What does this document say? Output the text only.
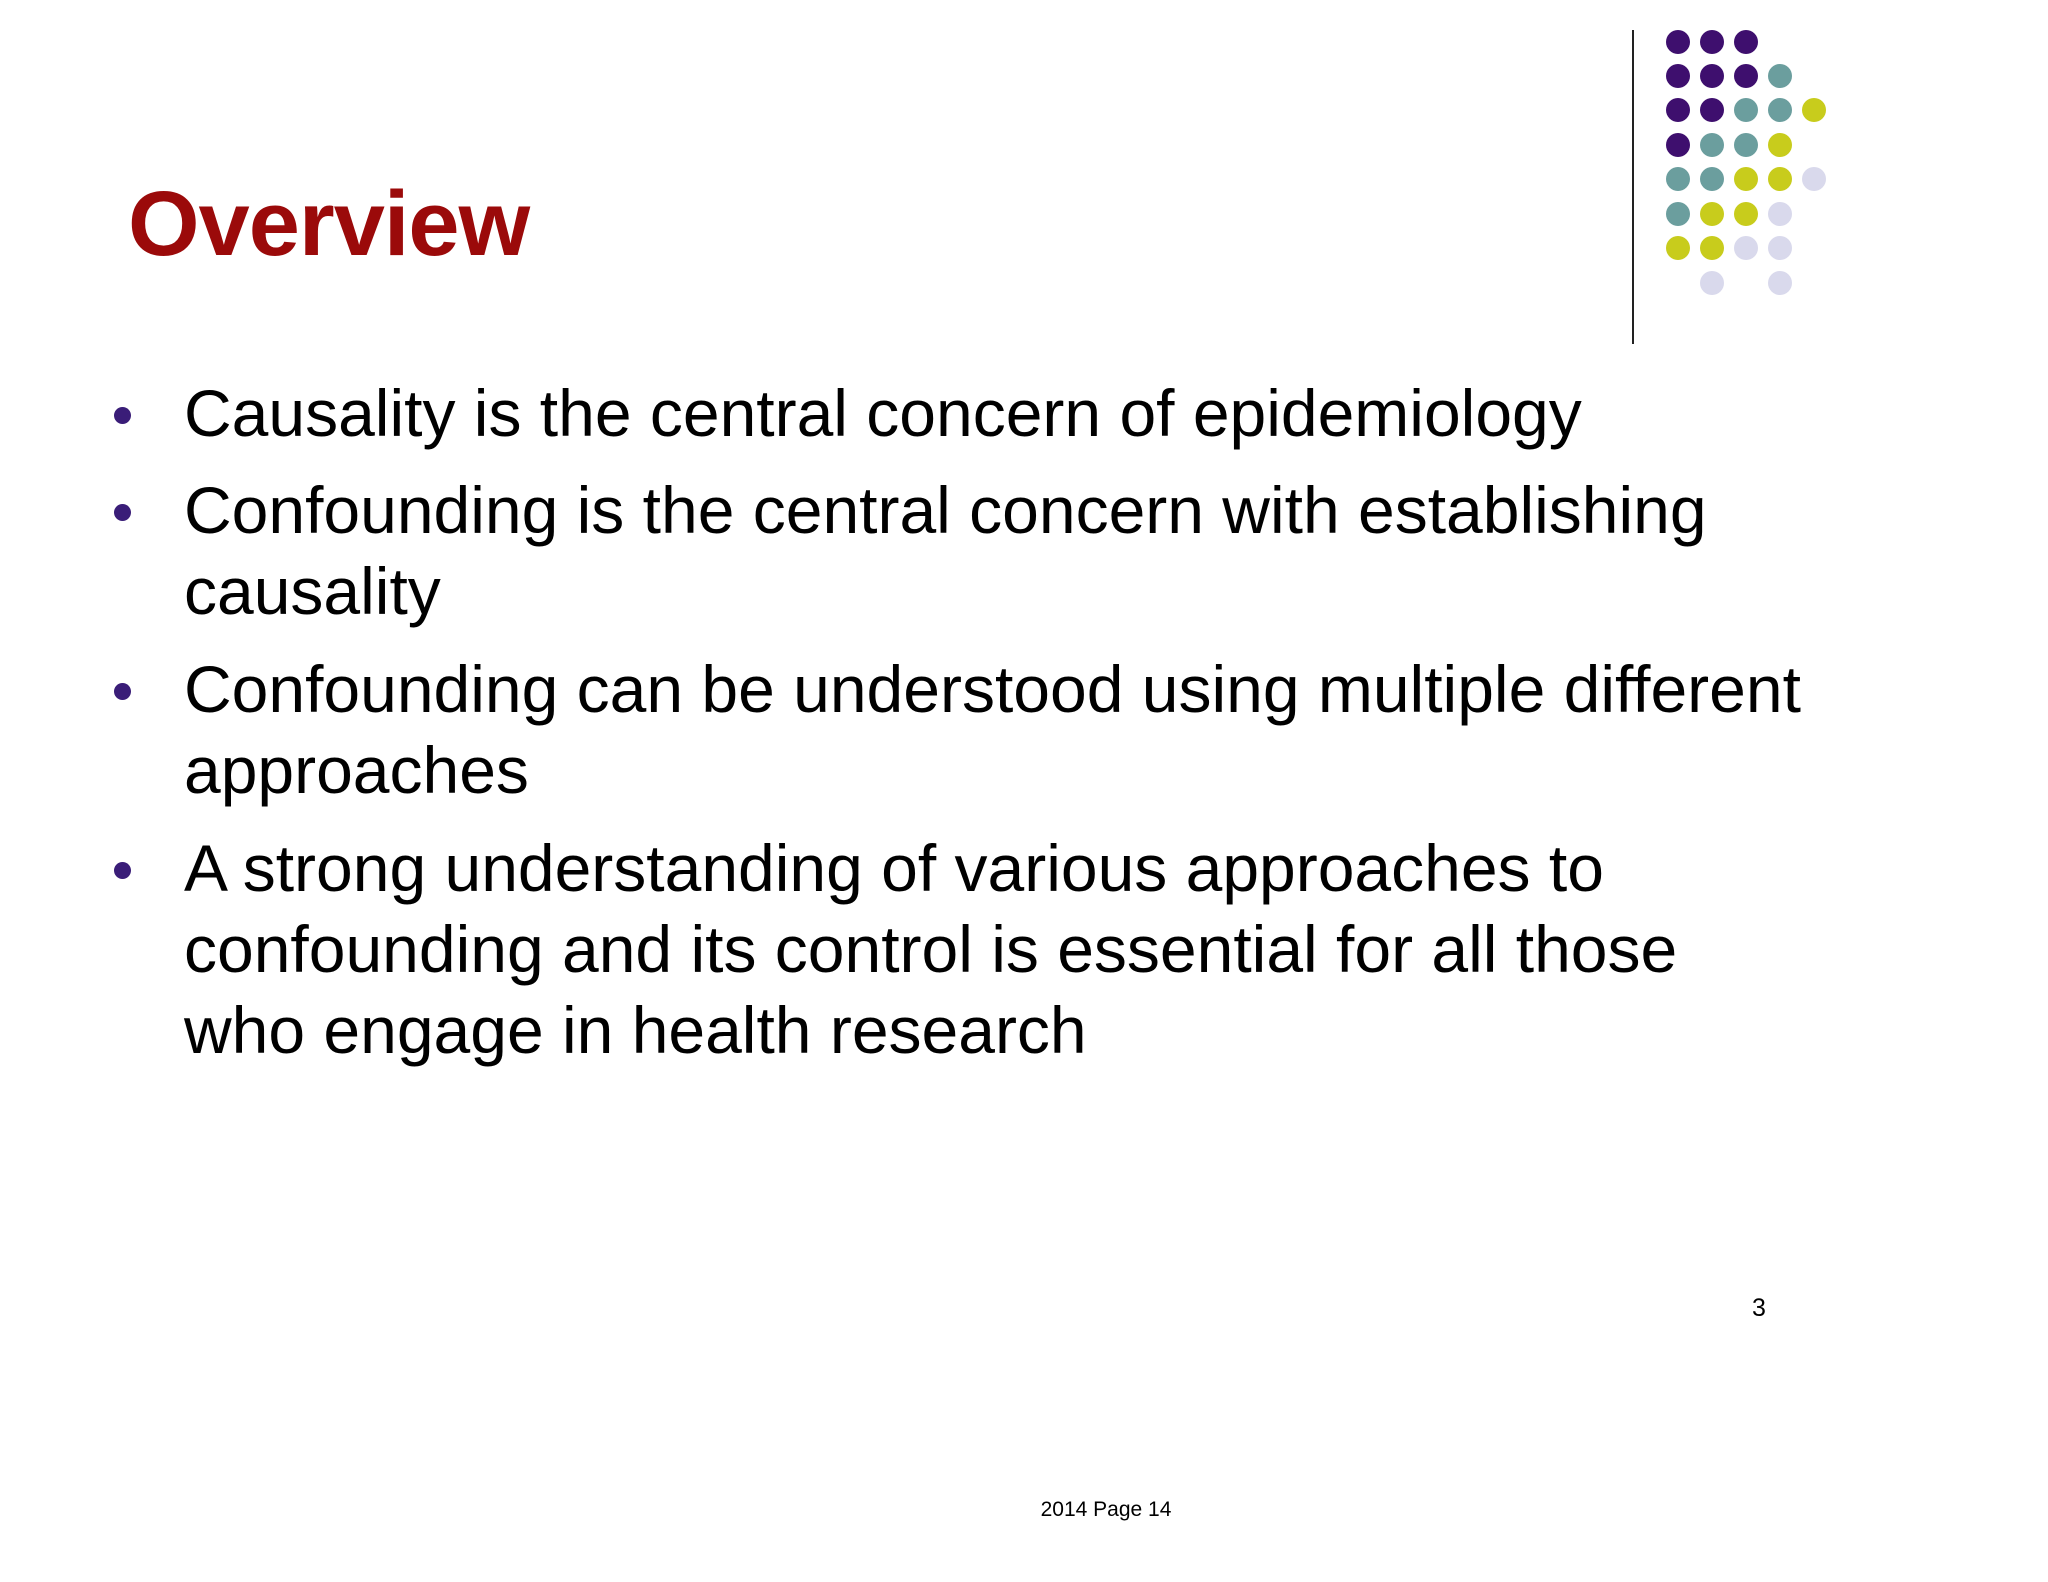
Overview
Causality is the central concern of epidemiology
Confounding is the central concern with establishing causality
Confounding can be understood using multiple different approaches
A strong understanding of various approaches to confounding and its control is essential for all those who engage in health research
3
2014 Page 14
